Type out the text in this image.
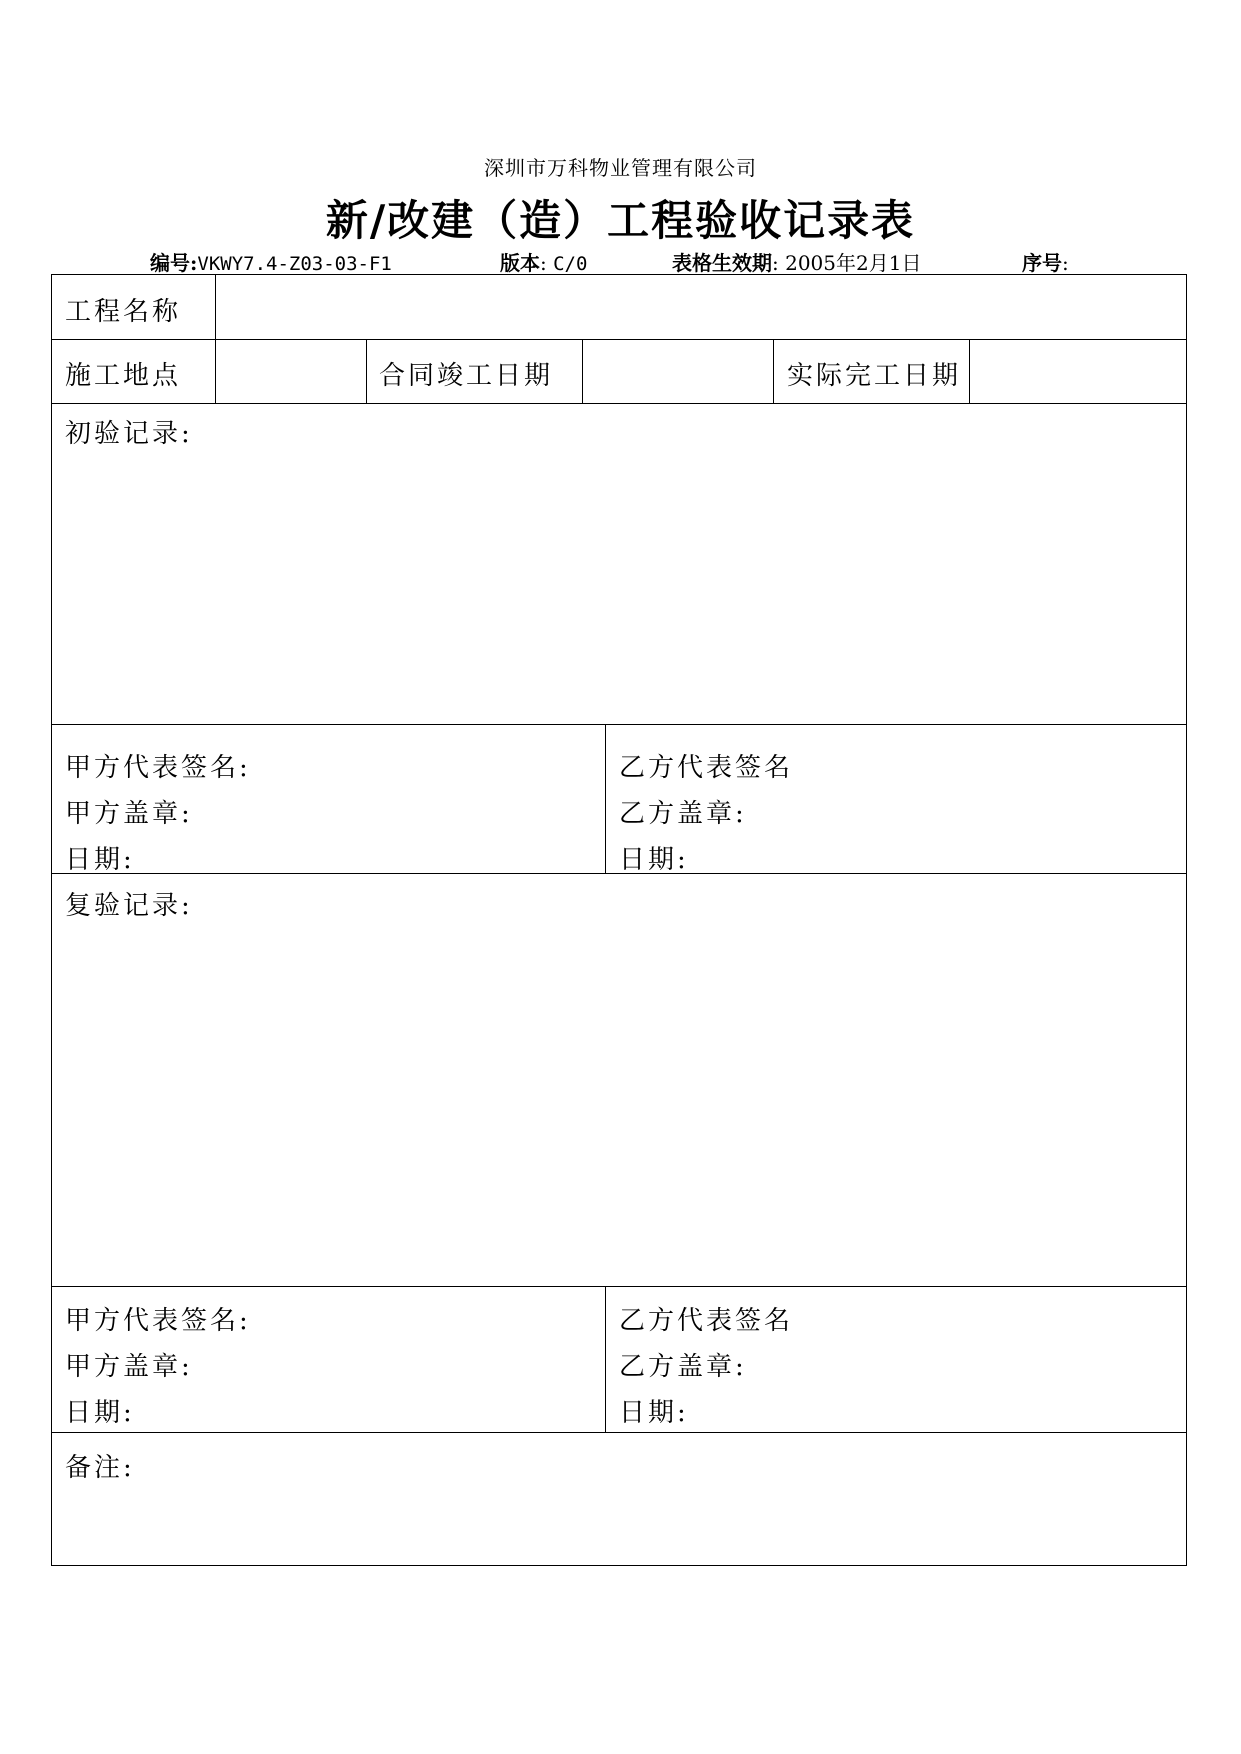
深圳市万科物业管理有限公司
新/改建（造）工程验收记录表
编号:VKWY7.4-Z03-03-F1	版本: C/0	表格生效期: 2005年2月1日	序号:
工程名称
施工地点	合同竣工日期	实际完工日期
初验记录:
甲方代表签名:
甲方盖章:
日期:
乙方代表签名
乙方盖章:
日期:
复验记录:
甲方代表签名:
甲方盖章:
日期:
乙方代表签名
乙方盖章:
日期:
备注:
